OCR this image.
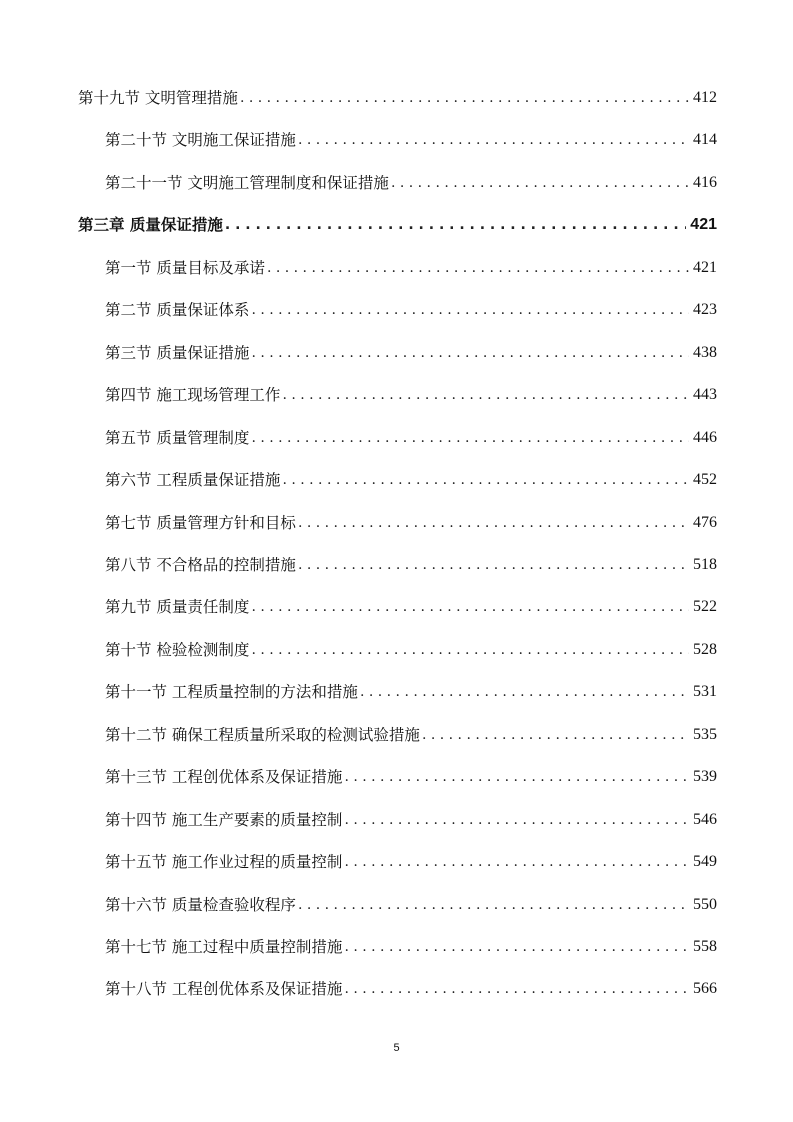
第十九节 文明管理措施 . . .	412
第二十节 文明施工保证措施 . . .	414
第二十一节 文明施工管理制度和保证措施 . . .	416
第三章 质量保证措施 . . .	421
第一节 质量目标及承诺 . . .	421
第二节 质量保证体系 . . .	423
第三节 质量保证措施 . . .	438
第四节 施工现场管理工作 . . .	443
第五节 质量管理制度 . . .	446
第六节 工程质量保证措施 . . .	452
第七节 质量管理方针和目标 . . .	476
第八节 不合格品的控制措施 . . .	518
第九节 质量责任制度 . . .	522
第十节 检验检测制度 . . .	528
第十一节 工程质量控制的方法和措施 . . .	531
第十二节 确保工程质量所采取的检测试验措施 . . .	535
第十三节 工程创优体系及保证措施 . . .	539
第十四节 施工生产要素的质量控制 . . .	546
第十五节 施工作业过程的质量控制 . . .	549
第十六节 质量检查验收程序 . . .	550
第十七节 施工过程中质量控制措施 . . .	558
第十八节 工程创优体系及保证措施 . . .	566
5
